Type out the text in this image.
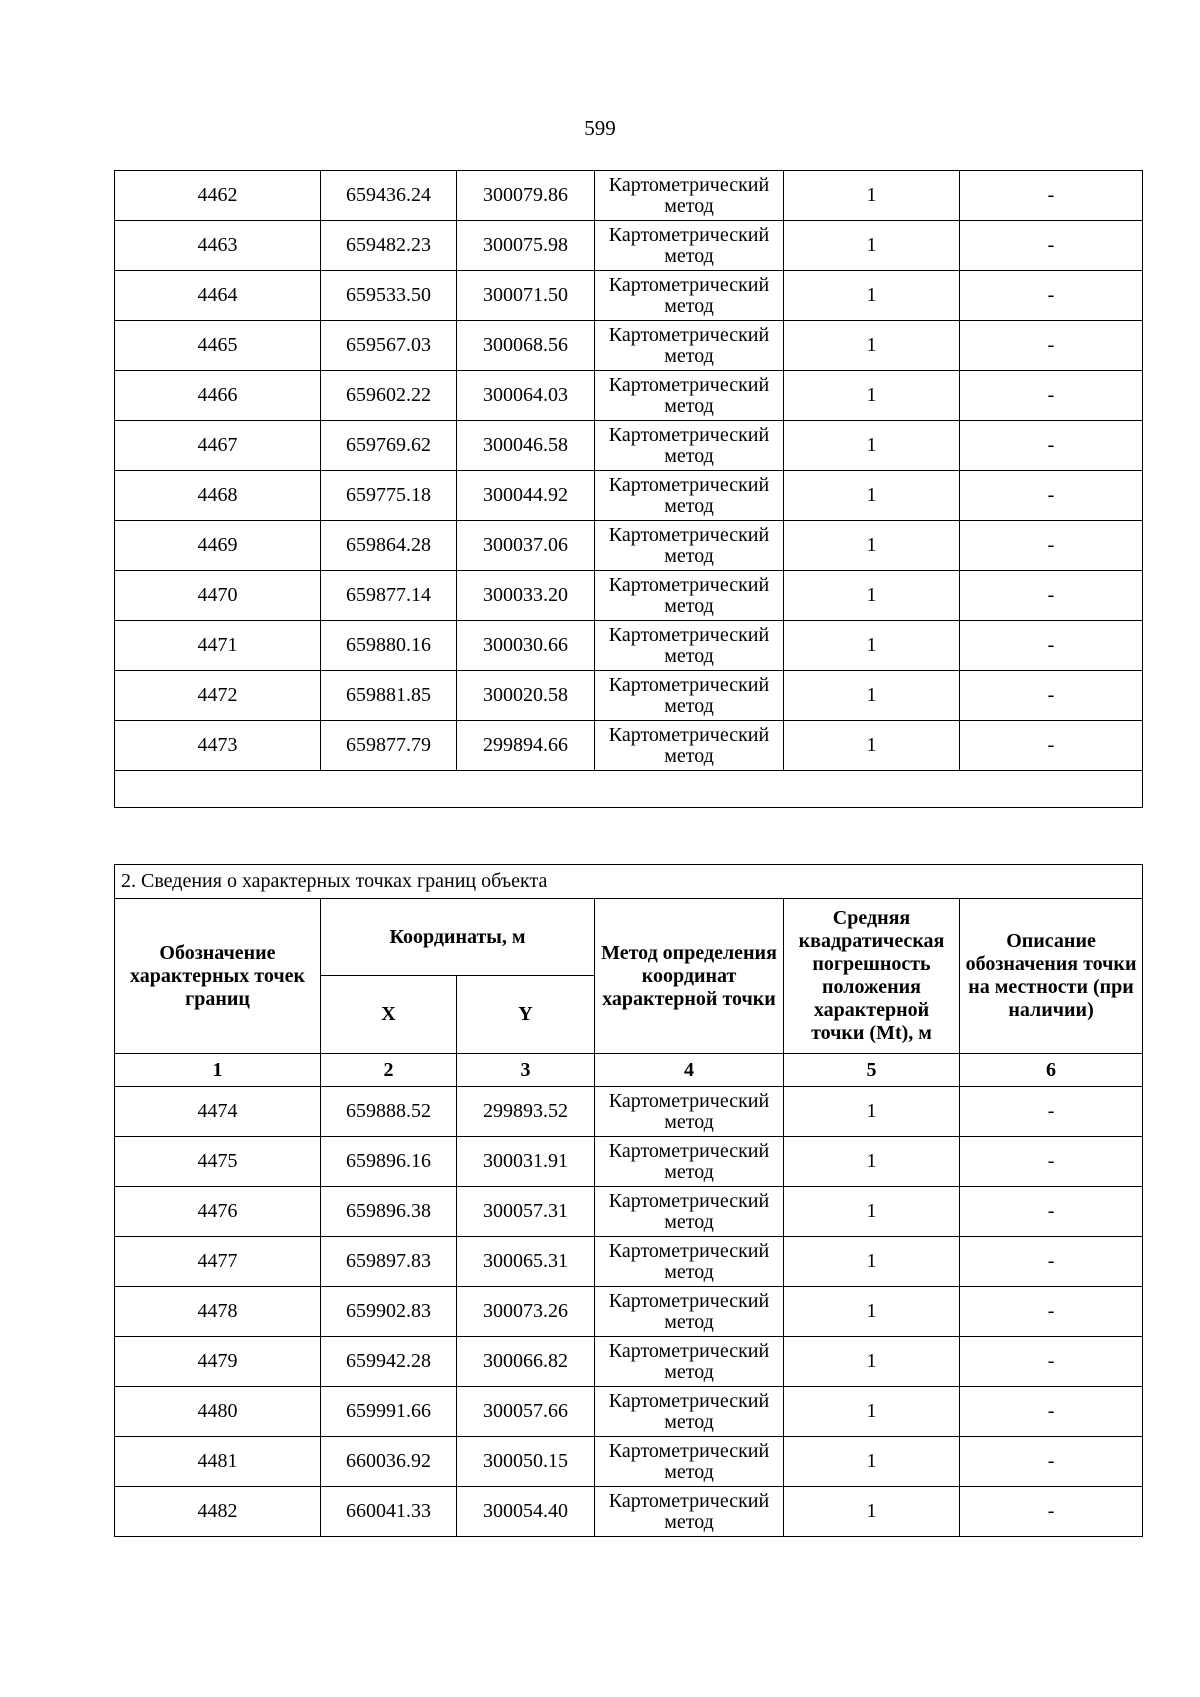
599
4462	659436.24	300079.86	Картометрический метод	1	-
4463	659482.23	300075.98	Картометрический метод	1	-
4464	659533.50	300071.50	Картометрический метод	1	-
4465	659567.03	300068.56	Картометрический метод	1	-
4466	659602.22	300064.03	Картометрический метод	1	-
4467	659769.62	300046.58	Картометрический метод	1	-
4468	659775.18	300044.92	Картометрический метод	1	-
4469	659864.28	300037.06	Картометрический метод	1	-
4470	659877.14	300033.20	Картометрический метод	1	-
4471	659880.16	300030.66	Картометрический метод	1	-
4472	659881.85	300020.58	Картометрический метод	1	-
4473	659877.79	299894.66	Картометрический метод	1	-

2. Сведения о характерных точках границ объекта					
Обозначение характерных точек границ	Координаты, м		Метод определения координат характерной точки	Средняя квадратическая погрешность положения характерной точки (Mt), м	Описание обозначения точки на местности (при наличии)
	X	Y			
1	2	3	4	5	6
4474	659888.52	299893.52	Картометрический метод	1	-
4475	659896.16	300031.91	Картометрический метод	1	-
4476	659896.38	300057.31	Картометрический метод	1	-
4477	659897.83	300065.31	Картометрический метод	1	-
4478	659902.83	300073.26	Картометрический метод	1	-
4479	659942.28	300066.82	Картометрический метод	1	-
4480	659991.66	300057.66	Картометрический метод	1	-
4481	660036.92	300050.15	Картометрический метод	1	-
4482	660041.33	300054.40	Картометрический метод	1	-
